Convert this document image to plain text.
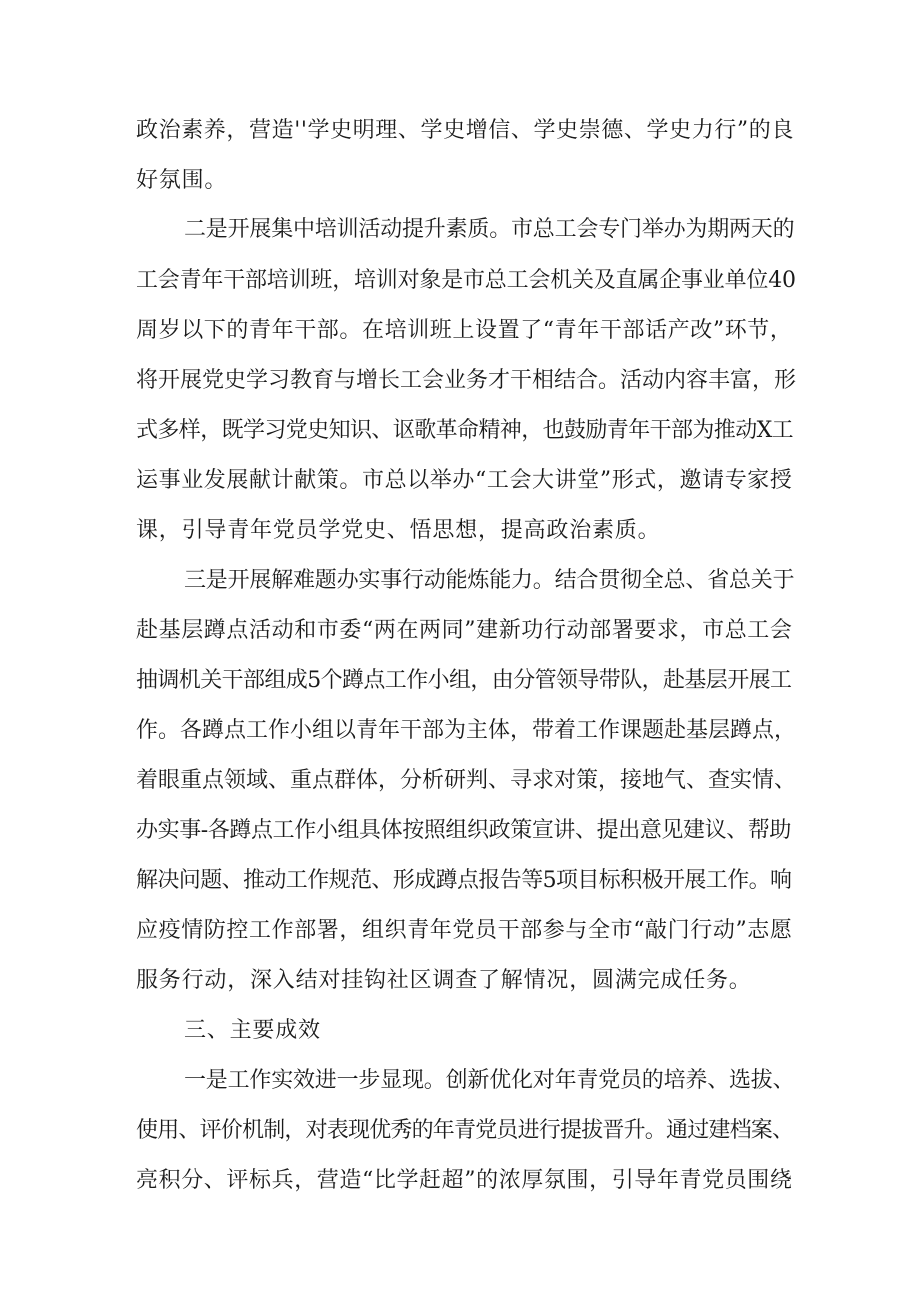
政治素养，营造''学史明理、学史增信、学史崇德、学史力行”的良
好氛围。
二是开展集中培训活动提升素质。市总工会专门举办为期两天的
工会青年干部培训班，培训对象是市总工会机关及直属企事业单位40
周岁以下的青年干部。在培训班上设置了“青年干部话产改”环节，
将开展党史学习教育与增长工会业务才干相结合。活动内容丰富，形
式多样，既学习党史知识、讴歌革命精神，也鼓励青年干部为推动X工
运事业发展献计献策。市总以举办“工会大讲堂”形式，邀请专家授
课，引导青年党员学党史、悟思想，提高政治素质。
三是开展解难题办实事行动能炼能力。结合贯彻全总、省总关于
赴基层蹲点活动和市委“两在两同”建新功行动部署要求，市总工会
抽调机关干部组成5个蹲点工作小组，由分管领导带队，赴基层开展工
作。各蹲点工作小组以青年干部为主体，带着工作课题赴基层蹲点，
着眼重点领域、重点群体，分析研判、寻求对策，接地气、查实情、
办实事-各蹲点工作小组具体按照组织政策宣讲、提出意见建议、帮助
解决问题、推动工作规范、形成蹲点报告等5项目标积极开展工作。响
应疫情防控工作部署，组织青年党员干部参与全市“敲门行动”志愿
服务行动，深入结对挂钩社区调查了解情况，圆满完成任务。
三、主要成效
一是工作实效进一步显现。创新优化对年青党员的培养、选拔、
使用、评价机制，对表现优秀的年青党员进行提拔晋升。通过建档案、
亮积分、评标兵，营造“比学赶超”的浓厚氛围，引导年青党员围绕
